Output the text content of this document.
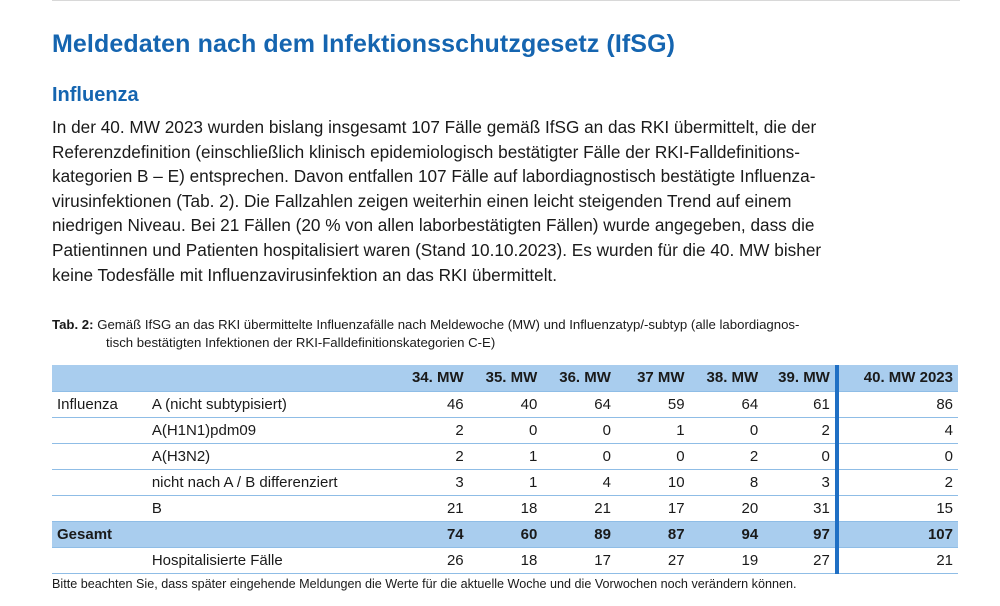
Meldedaten nach dem Infektionsschutzgesetz (IfSG)
Influenza
In der 40. MW 2023 wurden bislang insgesamt 107 Fälle gemäß IfSG an das RKI übermittelt, die der
Referenzdefinition (einschließlich klinisch epidemiologisch bestätigter Fälle der RKI-Falldefinitions-
kategorien B – E) entsprechen. Davon entfallen 107 Fälle auf labordiagnostisch bestätigte Influenza-
virusinfektionen (Tab. 2). Die Fallzahlen zeigen weiterhin einen leicht steigenden Trend auf einem
niedrigen Niveau. Bei 21 Fällen (20 % von allen laborbestätigten Fällen) wurde angegeben, dass die
Patientinnen und Patienten hospitalisiert waren (Stand 10.10.2023). Es wurden für die 40. MW bisher
keine Todesfälle mit Influenzavirusinfektion an das RKI übermittelt.
Tab. 2: Gemäß IfSG an das RKI übermittelte Influenzafälle nach Meldewoche (MW) und Influenzatyp/-subtyp (alle labordiagnos-
tisch bestätigten Infektionen der RKI-Falldefinitionskategorien C-E)
		34. MW	35. MW	36. MW	37 MW	38. MW	39. MW	40. MW 2023
Influenza	A (nicht subtypisiert)	46	40	64	59	64	61	86
	A(H1N1)pdm09	2	0	0	1	0	2	4
	A(H3N2)	2	1	0	0	2	0	0
	nicht nach A / B differenziert	3	1	4	10	8	3	2
	B	21	18	21	17	20	31	15
Gesamt		74	60	89	87	94	97	107
	Hospitalisierte Fälle	26	18	17	27	19	27	21
Bitte beachten Sie, dass später eingehende Meldungen die Werte für die aktuelle Woche und die Vorwochen noch verändern können.
